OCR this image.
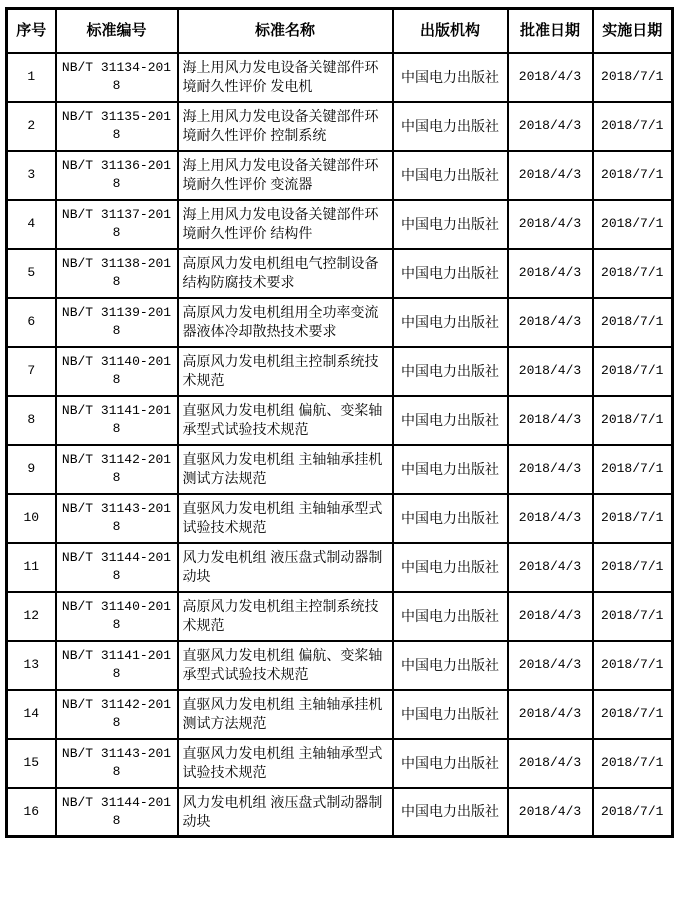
序号	标准编号	标准名称	出版机构	批准日期	实施日期
1	NB/T 31134-2018	海上用风力发电设备关键部件环境耐久性评价 发电机	中国电力出版社	2018/4/3	2018/7/1
2	NB/T 31135-2018	海上用风力发电设备关键部件环境耐久性评价 控制系统	中国电力出版社	2018/4/3	2018/7/1
3	NB/T 31136-2018	海上用风力发电设备关键部件环境耐久性评价 变流器	中国电力出版社	2018/4/3	2018/7/1
4	NB/T 31137-2018	海上用风力发电设备关键部件环境耐久性评价 结构件	中国电力出版社	2018/4/3	2018/7/1
5	NB/T 31138-2018	高原风力发电机组电气控制设备结构防腐技术要求	中国电力出版社	2018/4/3	2018/7/1
6	NB/T 31139-2018	高原风力发电机组用全功率变流器液体冷却散热技术要求	中国电力出版社	2018/4/3	2018/7/1
7	NB/T 31140-2018	高原风力发电机组主控制系统技术规范	中国电力出版社	2018/4/3	2018/7/1
8	NB/T 31141-2018	直驱风力发电机组 偏航、变桨轴承型式试验技术规范	中国电力出版社	2018/4/3	2018/7/1
9	NB/T 31142-2018	直驱风力发电机组 主轴轴承挂机测试方法规范	中国电力出版社	2018/4/3	2018/7/1
10	NB/T 31143-2018	直驱风力发电机组 主轴轴承型式试验技术规范	中国电力出版社	2018/4/3	2018/7/1
11	NB/T 31144-2018	风力发电机组 液压盘式制动器制动块	中国电力出版社	2018/4/3	2018/7/1
12	NB/T 31140-2018	高原风力发电机组主控制系统技术规范	中国电力出版社	2018/4/3	2018/7/1
13	NB/T 31141-2018	直驱风力发电机组 偏航、变桨轴承型式试验技术规范	中国电力出版社	2018/4/3	2018/7/1
14	NB/T 31142-2018	直驱风力发电机组 主轴轴承挂机测试方法规范	中国电力出版社	2018/4/3	2018/7/1
15	NB/T 31143-2018	直驱风力发电机组 主轴轴承型式试验技术规范	中国电力出版社	2018/4/3	2018/7/1
16	NB/T 31144-2018	风力发电机组 液压盘式制动器制动块	中国电力出版社	2018/4/3	2018/7/1
